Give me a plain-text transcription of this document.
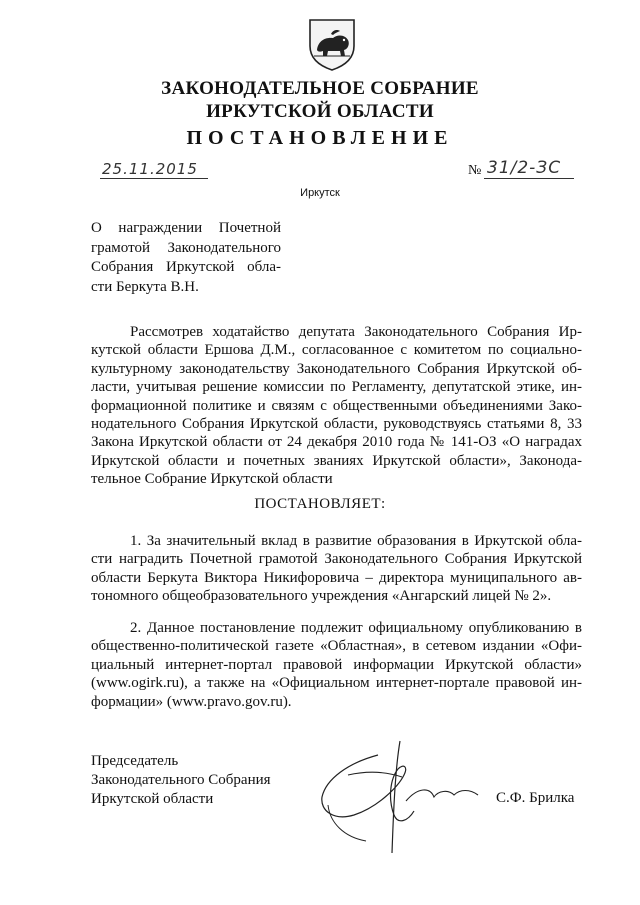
ЗАКОНОДАТЕЛЬНОЕ СОБРАНИЕ
ИРКУТСКОЙ ОБЛАСТИ
ПОСТАНОВЛЕНИЕ
25.11.2015	№ 31/2-ЗС
Иркутск
О награждении Почетной
грамотой Законодательного
Собрания Иркутской обла-
сти Беркута В.Н.
Рассмотрев ходатайство депутата Законодательного Собрания Ир-
кутской области Ершова Д.М., согласованное с комитетом по социально-
культурному законодательству Законодательного Собрания Иркутской об-
ласти, учитывая решение комиссии по Регламенту, депутатской этике, ин-
формационной политике и связям с общественными объединениями Зако-
нодательного Собрания Иркутской области, руководствуясь статьями 8, 33
Закона Иркутской области от 24 декабря 2010 года № 141-ОЗ «О наградах
Иркутской области и почетных званиях Иркутской области», Законода-
тельное Собрание Иркутской области
ПОСТАНОВЛЯЕТ:
1. За значительный вклад в развитие образования в Иркутской обла-
сти наградить Почетной грамотой Законодательного Собрания Иркутской
области Беркута Виктора Никифоровича – директора муниципального ав-
тономного общеобразовательного учреждения «Ангарский лицей № 2».
2. Данное постановление подлежит официальному опубликованию в
общественно-политической газете «Областная», в сетевом издании «Офи-
циальный интернет-портал правовой информации Иркутской области»
(www.ogirk.ru), а также на «Официальном интернет-портале правовой ин-
формации» (www.pravo.gov.ru).
Председатель
Законодательного Собрания
Иркутской области	С.Ф. Брилка
